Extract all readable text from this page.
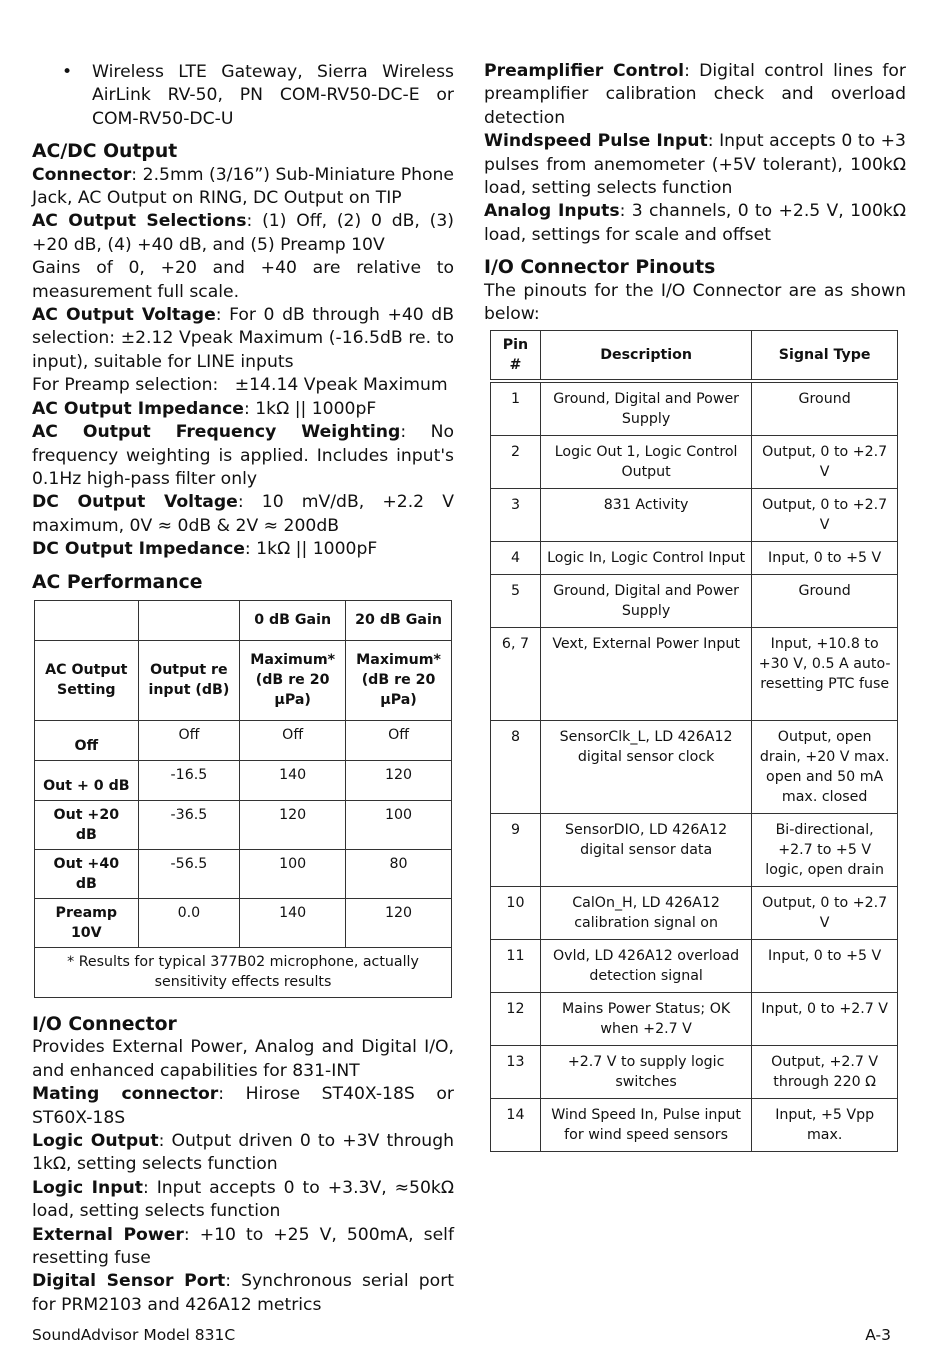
• Wireless LTE Gateway, Sierra Wireless AirLink RV-50, PN COM-RV50-DC-E or COM-RV50-DC-U
AC/DC Output

Connector: 2.5mm (3/16”) Sub-Miniature Phone Jack, AC Output on RING, DC Output on TIP

AC Output Selections: (1) Off, (2) 0 dB, (3) +20 dB, (4) +40 dB, and (5) Preamp 10V

Gains of 0, +20 and +40 are relative to measurement full scale.

AC Output Voltage: For 0 dB through +40 dB selection: ±2.12 Vpeak Maximum (-16.5dB re. to input), suitable for LINE inputs

For Preamp selection:   ±14.14 Vpeak Maximum

AC Output Impedance: 1kΩ || 1000pF

AC Output Frequency Weighting: No frequency weighting is applied. Includes input's 0.1Hz high-pass filter only

DC Output Voltage: 10 mV/dB, +2.2 V maximum, 0V ≈ 0dB & 2V ≈ 200dB

DC Output Impedance: 1kΩ || 1000pF

AC Performance
		0 dB Gain	20 dB Gain
AC Output Setting	Output re input (dB)	Maximum* (dB re 20 μPa)	Maximum* (dB re 20 μPa)
Off	Off	Off	Off
Out + 0 dB	-16.5	140	120
Out +20 dB	-36.5	120	100
Out +40 dB	-56.5	100	80
Preamp 10V	0.0	140	120
* Results for typical 377B02 microphone, actually sensitivity effects results			
I/O Connector

Provides External Power, Analog and Digital I/O, and enhanced capabilities for 831-INT

Mating connector: Hirose ST40X-18S or ST60X-18S

Logic Output: Output driven 0 to +3V through 1kΩ, setting selects function

Logic Input: Input accepts 0 to +3.3V, ≈50kΩ load, setting selects function

External Power: +10 to +25 V, 500mA, self resetting fuse

Digital Sensor Port: Synchronous serial port for PRM2103 and 426A12 metrics

Preamplifier Control: Digital control lines for preamplifier calibration check and overload detection

Windspeed Pulse Input: Input accepts 0 to +3 pulses from anemometer (+5V tolerant), 100kΩ load, setting selects function

Analog Inputs: 3 channels, 0 to +2.5 V, 100kΩ load, settings for scale and offset

I/O Connector Pinouts

The pinouts for the I/O Connector are as shown below:

Pin #	Description	Signal Type
1	Ground, Digital and Power Supply	Ground
2	Logic Out 1, Logic Control Output	Output, 0 to +2.7 V
3	831 Activity	Output, 0 to +2.7 V
4	Logic In, Logic Control Input	Input, 0 to +5 V
5	Ground, Digital and Power Supply	Ground
6, 7	Vext, External Power Input	Input, +10.8 to +30 V, 0.5 A auto-resetting PTC fuse
8	SensorClk_L, LD 426A12 digital sensor clock	Output, open drain, +20 V max. open and 50 mA max. closed
9	SensorDIO, LD 426A12 digital sensor data	Bi-directional, +2.7 to +5 V logic, open drain
10	CalOn_H, LD 426A12 calibration signal on	Output, 0 to +2.7 V
11	Ovld, LD 426A12 overload detection signal	Input, 0 to +5 V
12	Mains Power Status; OK when +2.7 V	Input, 0 to +2.7 V
13	+2.7 V to supply logic switches	Output, +2.7 V through 220 Ω
14	Wind Speed In, Pulse input for wind speed sensors	Input, +5 Vpp max.
SoundAdvisor Model 831C	A-3
